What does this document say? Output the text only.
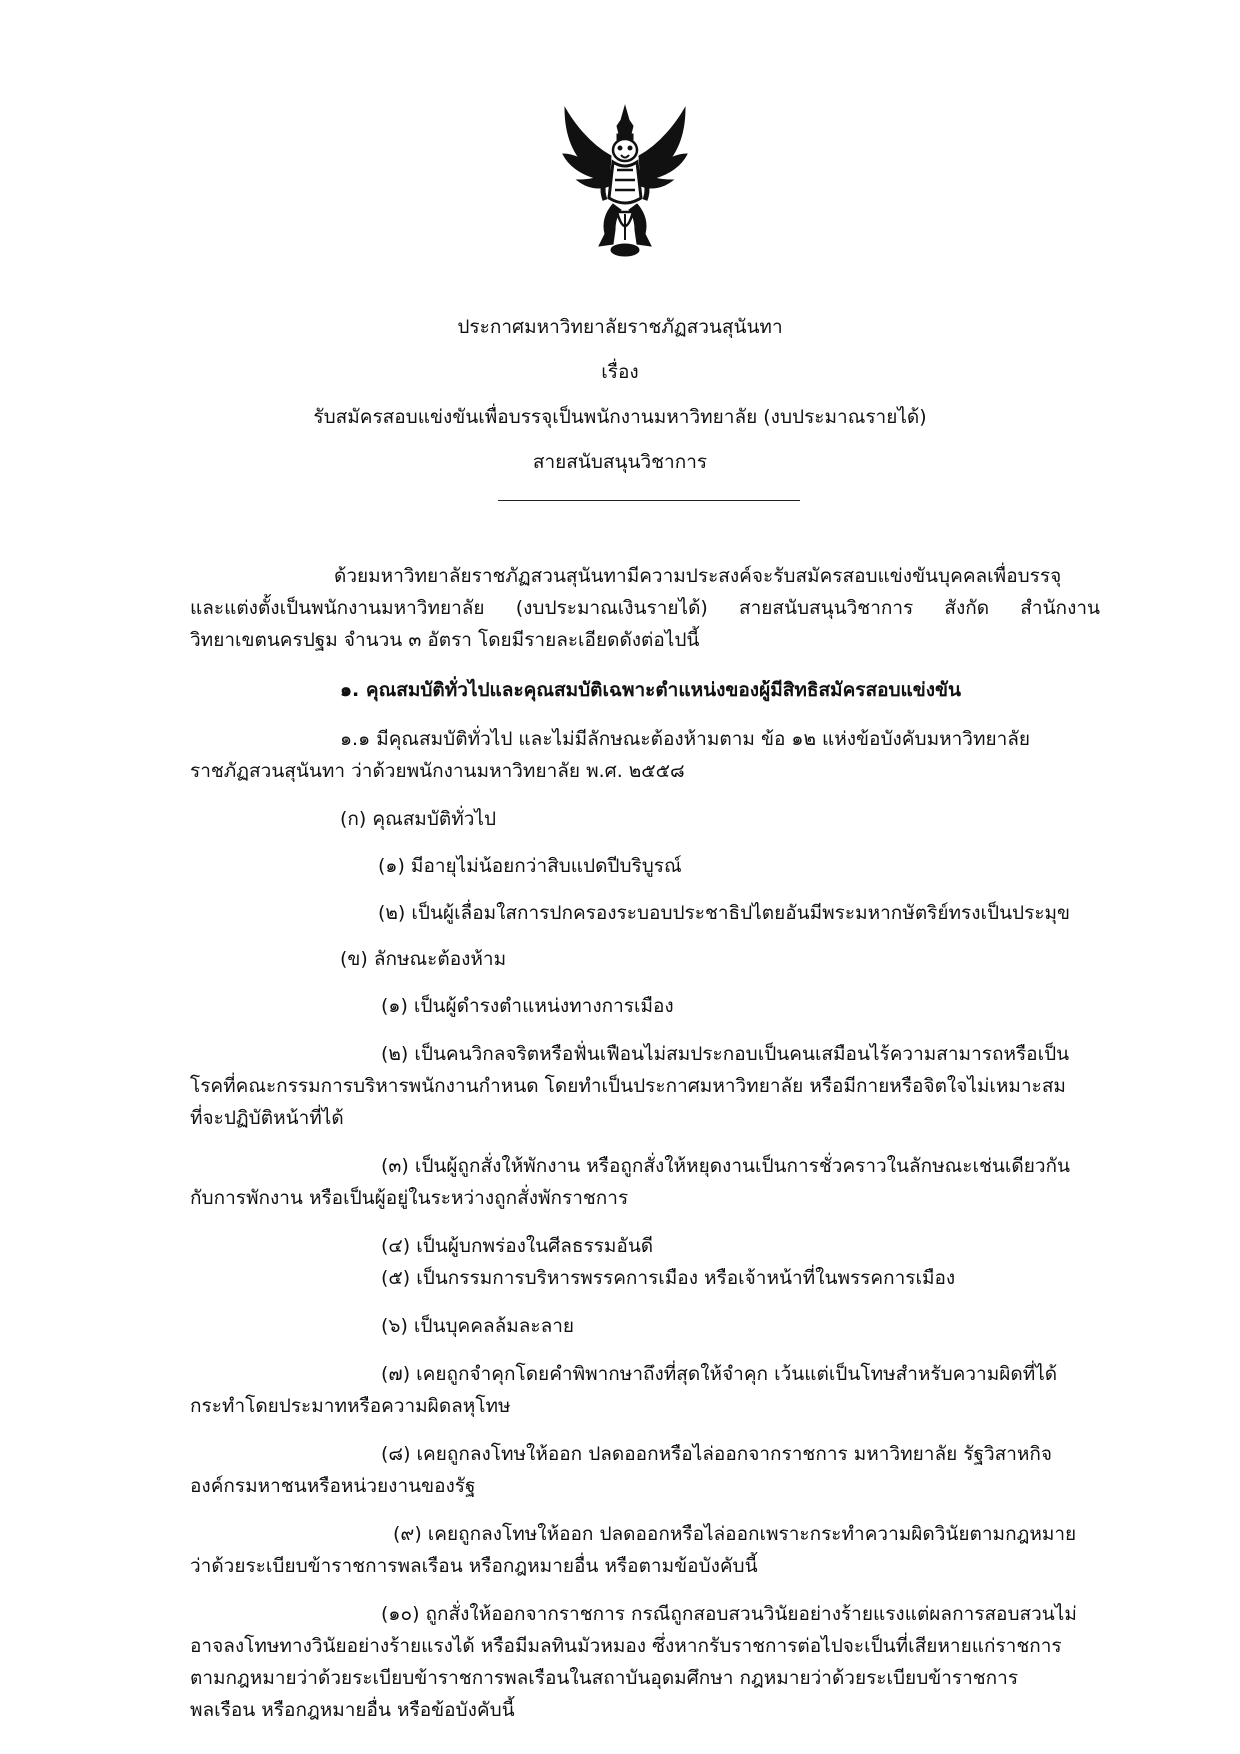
ประกาศมหาวิทยาลัยราชภัฏสวนสุนันทา
เรื่อง
รับสมัครสอบแข่งขันเพื่อบรรจุเป็นพนักงานมหาวิทยาลัย (งบประมาณรายได้)
สายสนับสนุนวิชาการ
ด้วยมหาวิทยาลัยราชภัฏสวนสุนันทามีความประสงค์จะรับสมัครสอบแข่งขันบุคคลเพื่อบรรจุ
และแต่งตั้งเป็นพนักงานมหาวิทยาลัย (งบประมาณเงินรายได้) สายสนับสนุนวิชาการ สังกัด สำนักงาน
วิทยาเขตนครปฐม จำนวน ๓ อัตรา โดยมีรายละเอียดดังต่อไปนี้
๑. คุณสมบัติทั่วไปและคุณสมบัติเฉพาะตำแหน่งของผู้มีสิทธิสมัครสอบแข่งขัน
๑.๑ มีคุณสมบัติทั่วไป และไม่มีลักษณะต้องห้ามตาม ข้อ ๑๒ แห่งข้อบังคับมหาวิทยาลัย
ราชภัฏสวนสุนันทา ว่าด้วยพนักงานมหาวิทยาลัย พ.ศ. ๒๕๕๘
(ก) คุณสมบัติทั่วไป
(๑) มีอายุไม่น้อยกว่าสิบแปดปีบริบูรณ์
(๒) เป็นผู้เลื่อมใสการปกครองระบอบประชาธิปไตยอันมีพระมหากษัตริย์ทรงเป็นประมุข
(ข) ลักษณะต้องห้าม
(๑) เป็นผู้ดำรงตำแหน่งทางการเมือง
(๒) เป็นคนวิกลจริตหรือฟั่นเฟือนไม่สมประกอบเป็นคนเสมือนไร้ความสามารถหรือเป็น
โรคที่คณะกรรมการบริหารพนักงานกำหนด โดยทำเป็นประกาศมหาวิทยาลัย หรือมีกายหรือจิตใจไม่เหมาะสม
ที่จะปฏิบัติหน้าที่ได้
(๓) เป็นผู้ถูกสั่งให้พักงาน หรือถูกสั่งให้หยุดงานเป็นการชั่วคราวในลักษณะเช่นเดียวกัน
กับการพักงาน หรือเป็นผู้อยู่ในระหว่างถูกสั่งพักราชการ
(๔) เป็นผู้บกพร่องในศีลธรรมอันดี
(๕) เป็นกรรมการบริหารพรรคการเมือง หรือเจ้าหน้าที่ในพรรคการเมือง
(๖) เป็นบุคคลล้มละลาย
(๗) เคยถูกจำคุกโดยคำพิพากษาถึงที่สุดให้จำคุก เว้นแต่เป็นโทษสำหรับความผิดที่ได้
กระทำโดยประมาทหรือความผิดลหุโทษ
(๘) เคยถูกลงโทษให้ออก ปลดออกหรือไล่ออกจากราชการ มหาวิทยาลัย รัฐวิสาหกิจ
องค์กรมหาชนหรือหน่วยงานของรัฐ
(๙) เคยถูกลงโทษให้ออก ปลดออกหรือไล่ออกเพราะกระทำความผิดวินัยตามกฎหมาย
ว่าด้วยระเบียบข้าราชการพลเรือน หรือกฎหมายอื่น หรือตามข้อบังคับนี้
(๑๐) ถูกสั่งให้ออกจากราชการ กรณีถูกสอบสวนวินัยอย่างร้ายแรงแต่ผลการสอบสวนไม่
อาจลงโทษทางวินัยอย่างร้ายแรงได้ หรือมีมลทินมัวหมอง ซึ่งหากรับราชการต่อไปจะเป็นที่เสียหายแก่ราชการ
ตามกฎหมายว่าด้วยระเบียบข้าราชการพลเรือนในสถาบันอุดมศึกษา กฎหมายว่าด้วยระเบียบข้าราชการ
พลเรือน หรือกฎหมายอื่น หรือข้อบังคับนี้
